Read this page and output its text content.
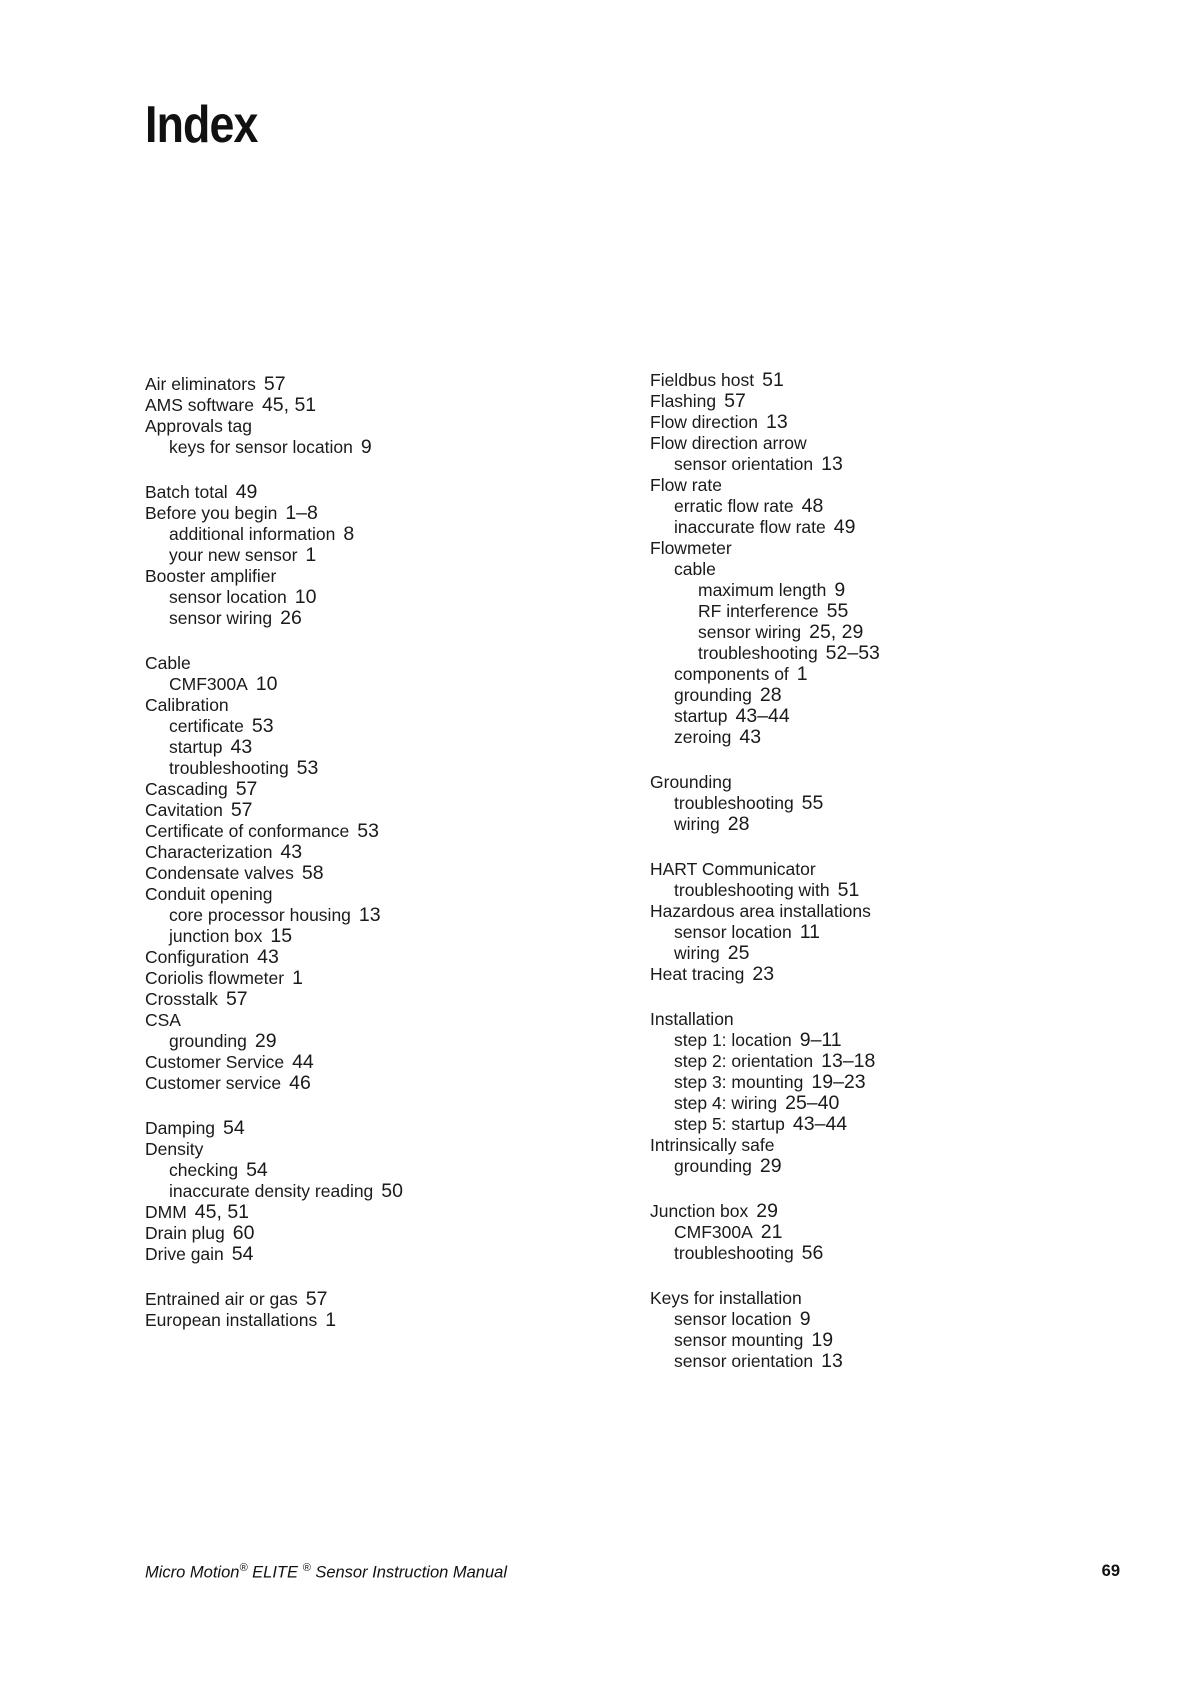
Index
Air eliminators 57
AMS software 45, 51
Approvals tag
keys for sensor location 9
Batch total 49
Before you begin 1–8
additional information 8
your new sensor 1
Booster amplifier
sensor location 10
sensor wiring 26
Cable
CMF300A 10
Calibration
certificate 53
startup 43
troubleshooting 53
Cascading 57
Cavitation 57
Certificate of conformance 53
Characterization 43
Condensate valves 58
Conduit opening
core processor housing 13
junction box 15
Configuration 43
Coriolis flowmeter 1
Crosstalk 57
CSA
grounding 29
Customer Service 44
Customer service 46
Damping 54
Density
checking 54
inaccurate density reading 50
DMM 45, 51
Drain plug 60
Drive gain 54
Entrained air or gas 57
European installations 1
Fieldbus host 51
Flashing 57
Flow direction 13
Flow direction arrow
sensor orientation 13
Flow rate
erratic flow rate 48
inaccurate flow rate 49
Flowmeter
cable
maximum length 9
RF interference 55
sensor wiring 25, 29
troubleshooting 52–53
components of 1
grounding 28
startup 43–44
zeroing 43
Grounding
troubleshooting 55
wiring 28
HART Communicator
troubleshooting with 51
Hazardous area installations
sensor location 11
wiring 25
Heat tracing 23
Installation
step 1: location 9–11
step 2: orientation 13–18
step 3: mounting 19–23
step 4: wiring 25–40
step 5: startup 43–44
Intrinsically safe
grounding 29
Junction box 29
CMF300A 21
troubleshooting 56
Keys for installation
sensor location 9
sensor mounting 19
sensor orientation 13
Micro Motion® ELITE ® Sensor Instruction Manual	69
